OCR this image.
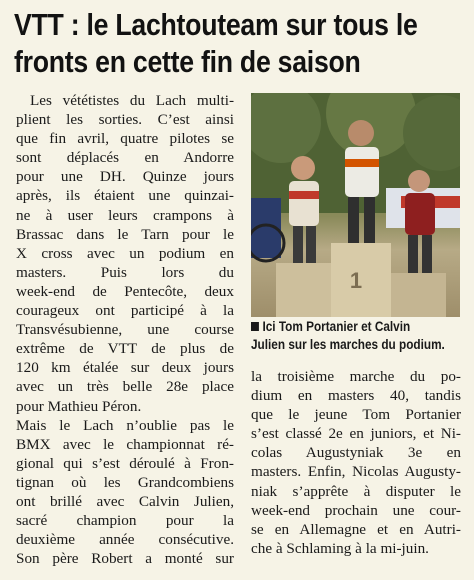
VTT : le Lachtouteam sur tous le
fronts en cette fin de saison
Les vététistes du Lach multi-
plient les sorties. C’est ainsi
que fin avril, quatre pilotes se
sont déplacés en Andorre
pour une DH. Quinze jours
après, ils étaient une quinzai-
ne à user leurs crampons à
Brassac dans le Tarn pour le
X cross avec un podium en
masters. Puis lors du
week-end de Pentecôte, deux
courageux ont participé à la
Transvésubienne, une course
extrême de VTT de plus de
120 km étalée sur deux jours
avec un très belle 28e place
pour Mathieu Péron.
Mais le Lach n’oublie pas le
BMX avec le championnat ré-
gional qui s’est déroulé à Fron-
tignan où les Grandcombiens
ont brillé avec Calvin Julien,
sacré champion pour la
deuxième année consécutive.
Son père Robert a monté sur
1
Ici Tom Portanier et Calvin
Julien sur les marches du podium.
la troisième marche du po-
dium en masters 40, tandis
que le jeune Tom Portanier
s’est classé 2e en juniors, et Ni-
colas Augustyniak 3e en
masters. Enfin, Nicolas Augusty-
niak s’apprête à disputer le
week-end prochain une cour-
se en Allemagne et en Autri-
che à Schlaming à la mi-juin.
